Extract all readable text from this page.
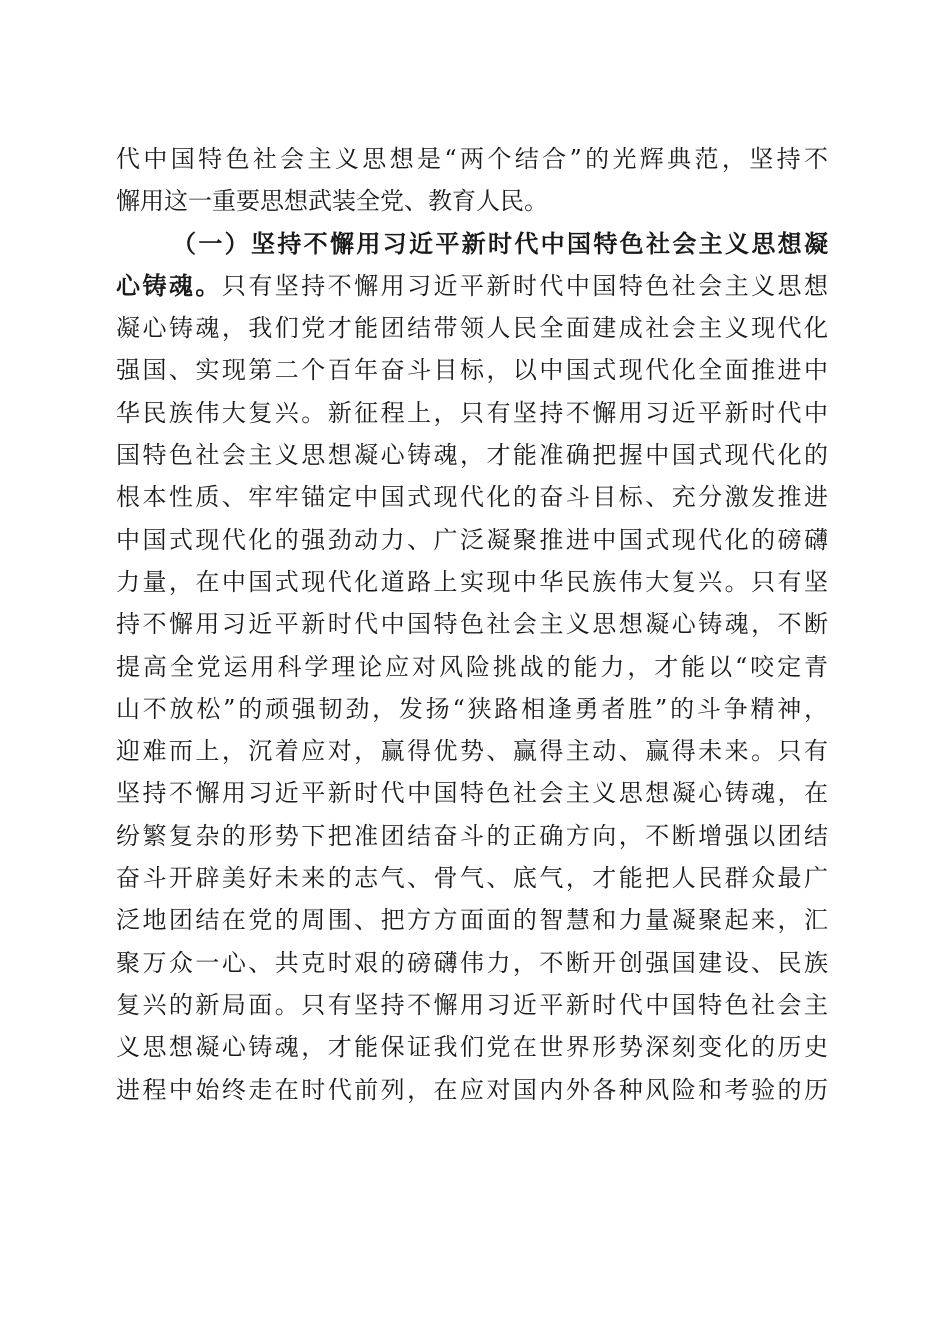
代中国特色社会主义思想是“两个结合”的光辉典范，坚持不
懈用这一重要思想武装全党、教育人民。
（一）坚持不懈用习近平新时代中国特色社会主义思想凝
心铸魂。只有坚持不懈用习近平新时代中国特色社会主义思想
凝心铸魂，我们党才能团结带领人民全面建成社会主义现代化
强国、实现第二个百年奋斗目标，以中国式现代化全面推进中
华民族伟大复兴。新征程上，只有坚持不懈用习近平新时代中
国特色社会主义思想凝心铸魂，才能准确把握中国式现代化的
根本性质、牢牢锚定中国式现代化的奋斗目标、充分激发推进
中国式现代化的强劲动力、广泛凝聚推进中国式现代化的磅礴
力量，在中国式现代化道路上实现中华民族伟大复兴。只有坚
持不懈用习近平新时代中国特色社会主义思想凝心铸魂，不断
提高全党运用科学理论应对风险挑战的能力，才能以“咬定青
山不放松”的顽强韧劲，发扬“狭路相逢勇者胜”的斗争精神，
迎难而上，沉着应对，赢得优势、赢得主动、赢得未来。只有
坚持不懈用习近平新时代中国特色社会主义思想凝心铸魂，在
纷繁复杂的形势下把准团结奋斗的正确方向，不断增强以团结
奋斗开辟美好未来的志气、骨气、底气，才能把人民群众最广
泛地团结在党的周围、把方方面面的智慧和力量凝聚起来，汇
聚万众一心、共克时艰的磅礴伟力，不断开创强国建设、民族
复兴的新局面。只有坚持不懈用习近平新时代中国特色社会主
义思想凝心铸魂，才能保证我们党在世界形势深刻变化的历史
进程中始终走在时代前列，在应对国内外各种风险和考验的历
